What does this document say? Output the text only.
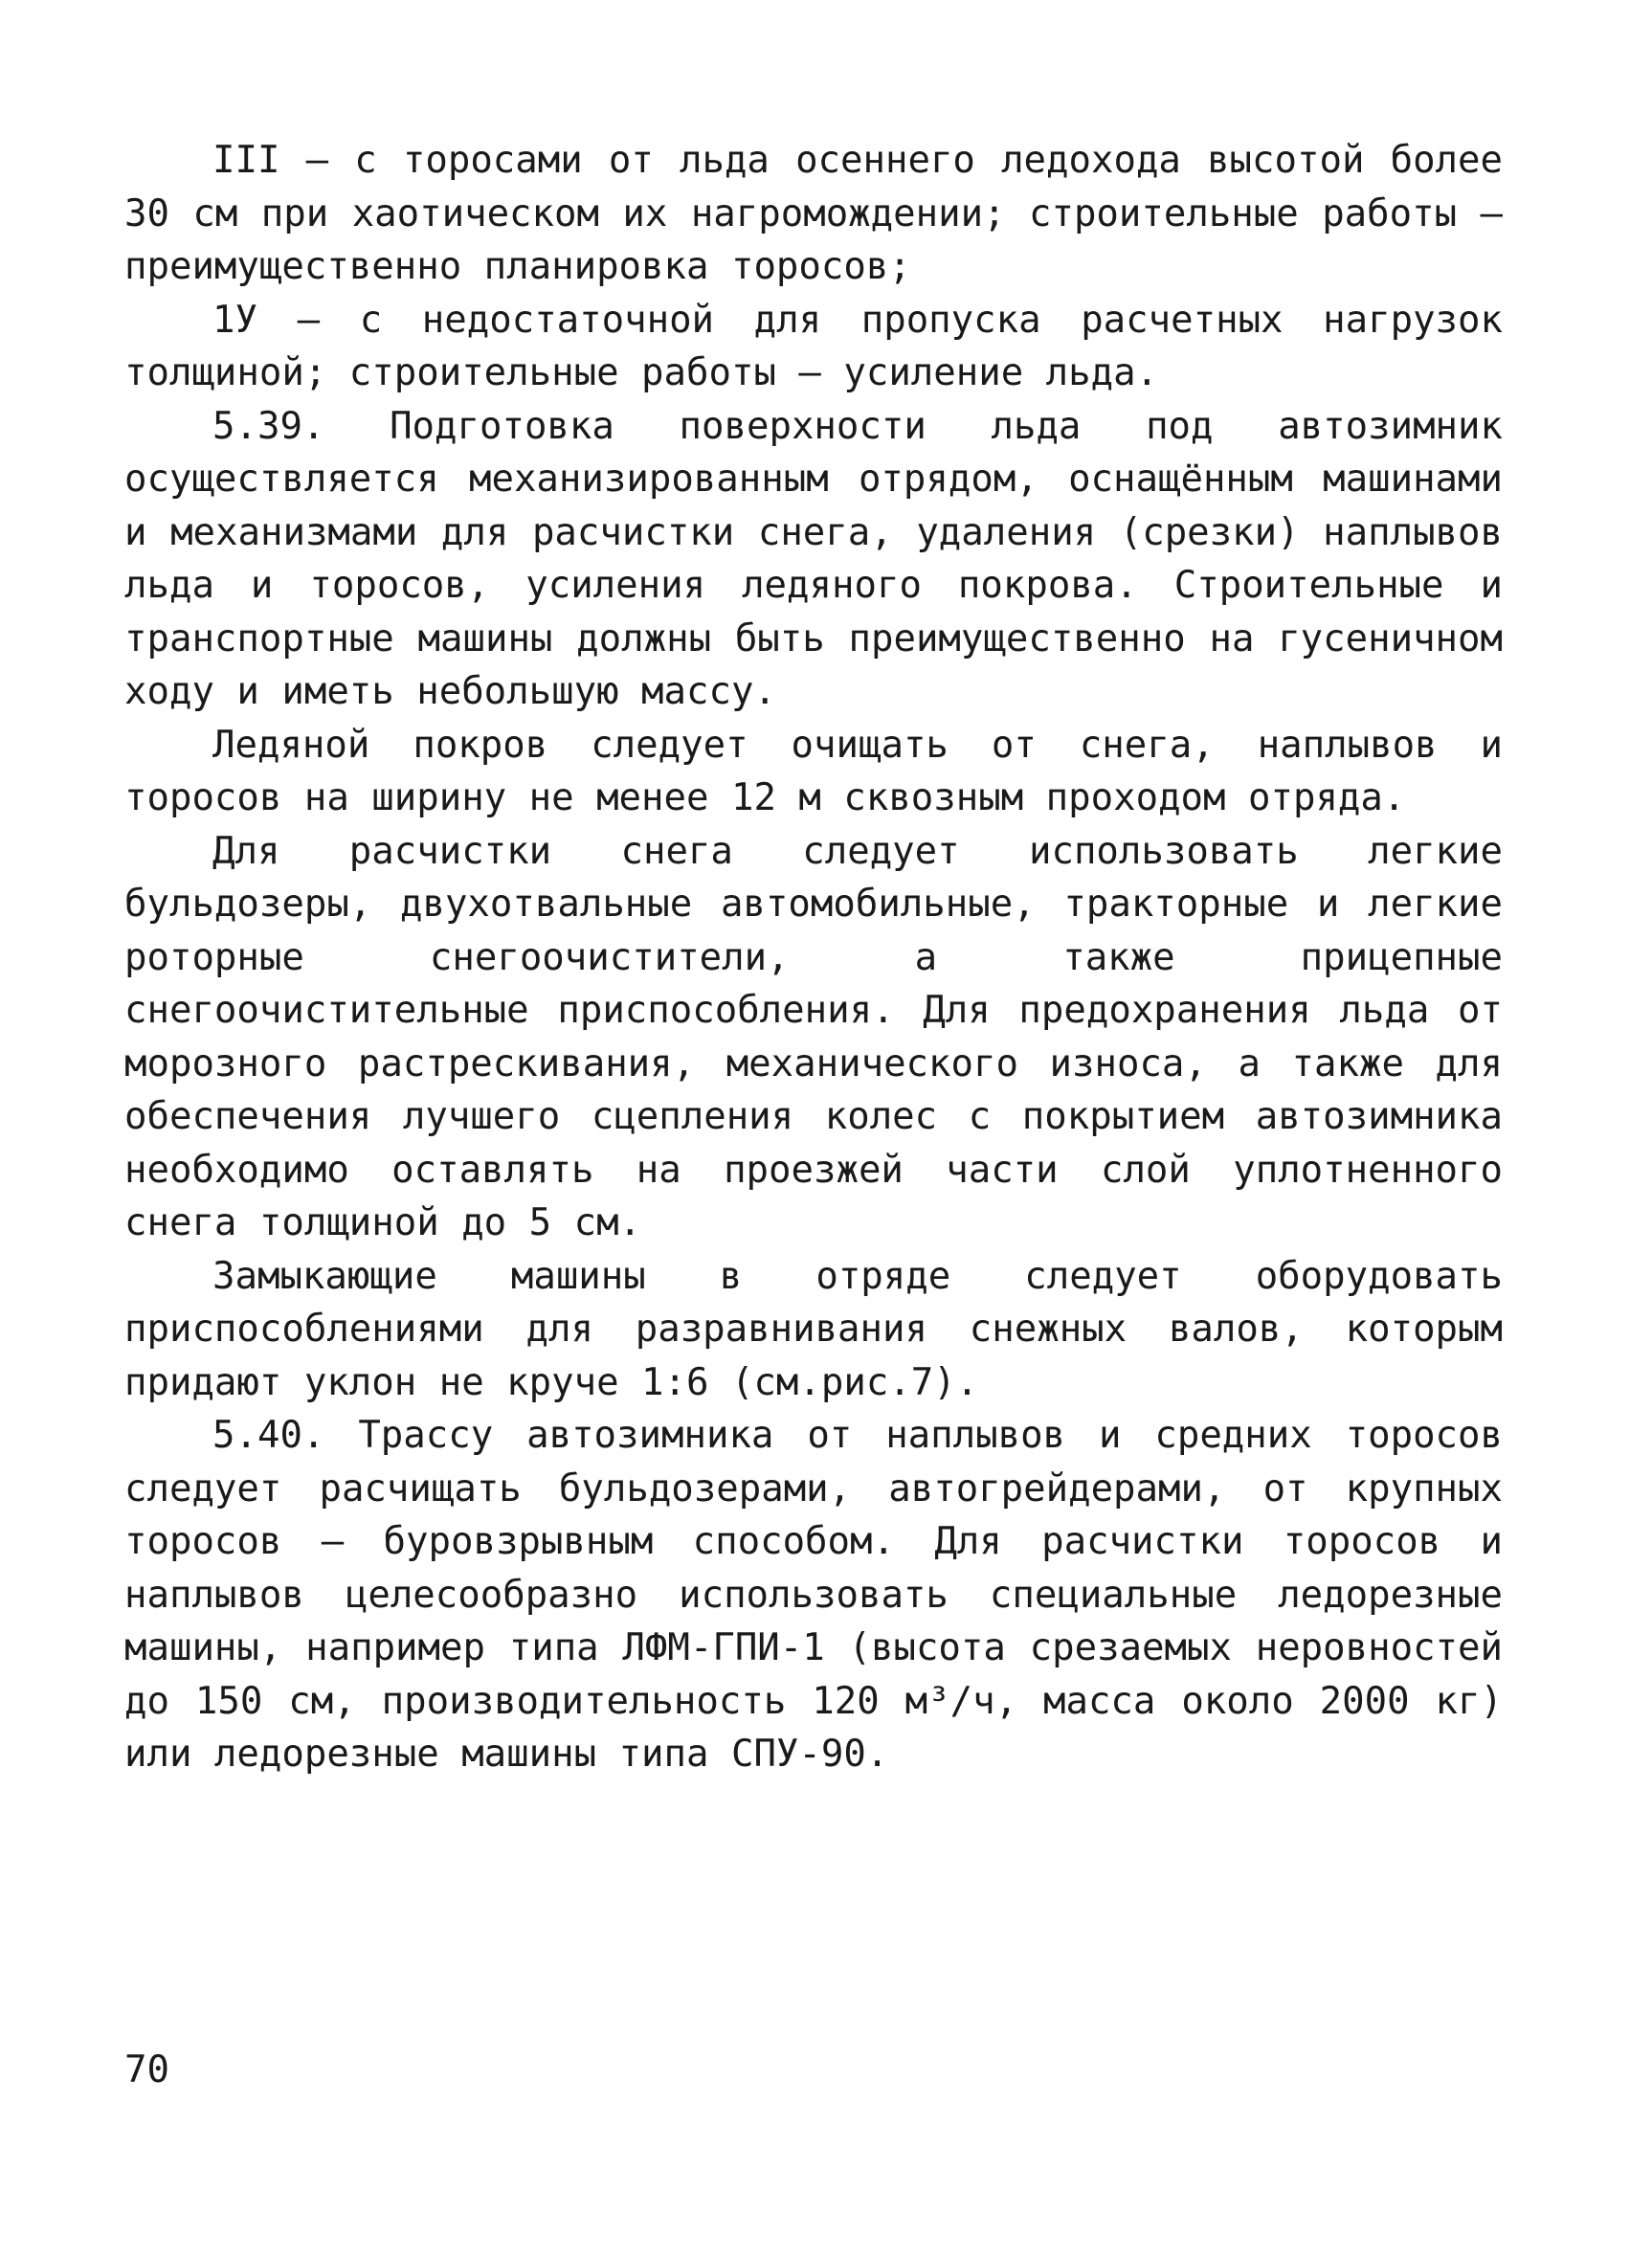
III – с торосами от льда осеннего ледохода высотой более 30 см при хаотическом их нагромождении; строительные работы – преимущественно планировка торосов;

1У – с недостаточной для пропуска расчетных нагрузок толщиной; строительные работы – усиление льда.

5.39. Подготовка поверхности льда под автозимник осуществляется механизированным отрядом, оснащённым машинами и механизмами для расчистки снега, удаления (срезки) наплывов льда и торосов, усиления ледяного покрова. Строительные и транспортные машины должны быть преимущественно на гусеничном ходу и иметь небольшую массу.

Ледяной покров следует очищать от снега, наплывов и торосов на ширину не менее 12 м сквозным проходом отряда.

Для расчистки снега следует использовать легкие бульдозеры, двухотвальные автомобильные, тракторные и легкие роторные снегоочистители, а также прицепные снегоочистительные приспособления. Для предохранения льда от морозного растрескивания, механического износа, а также для обеспечения лучшего сцепления колес с покрытием автозимника необходимо оставлять на проезжей части слой уплотненного снега толщиной до 5 см.

Замыкающие машины в отряде следует оборудовать приспособлениями для разравнивания снежных валов, которым придают уклон не круче 1:6 (см.рис.7).

5.40. Трассу автозимника от наплывов и средних торосов следует расчищать бульдозерами, автогрейдерами, от крупных торосов – буровзрывным способом. Для расчистки торосов и наплывов целесообразно использовать специальные ледорезные машины, например типа ЛФМ-ГПИ-1 (высота срезаемых неровностей до 150 см, производительность 120 м³/ч, масса около 2000 кг) или ледорезные машины типа СПУ-90.

70
